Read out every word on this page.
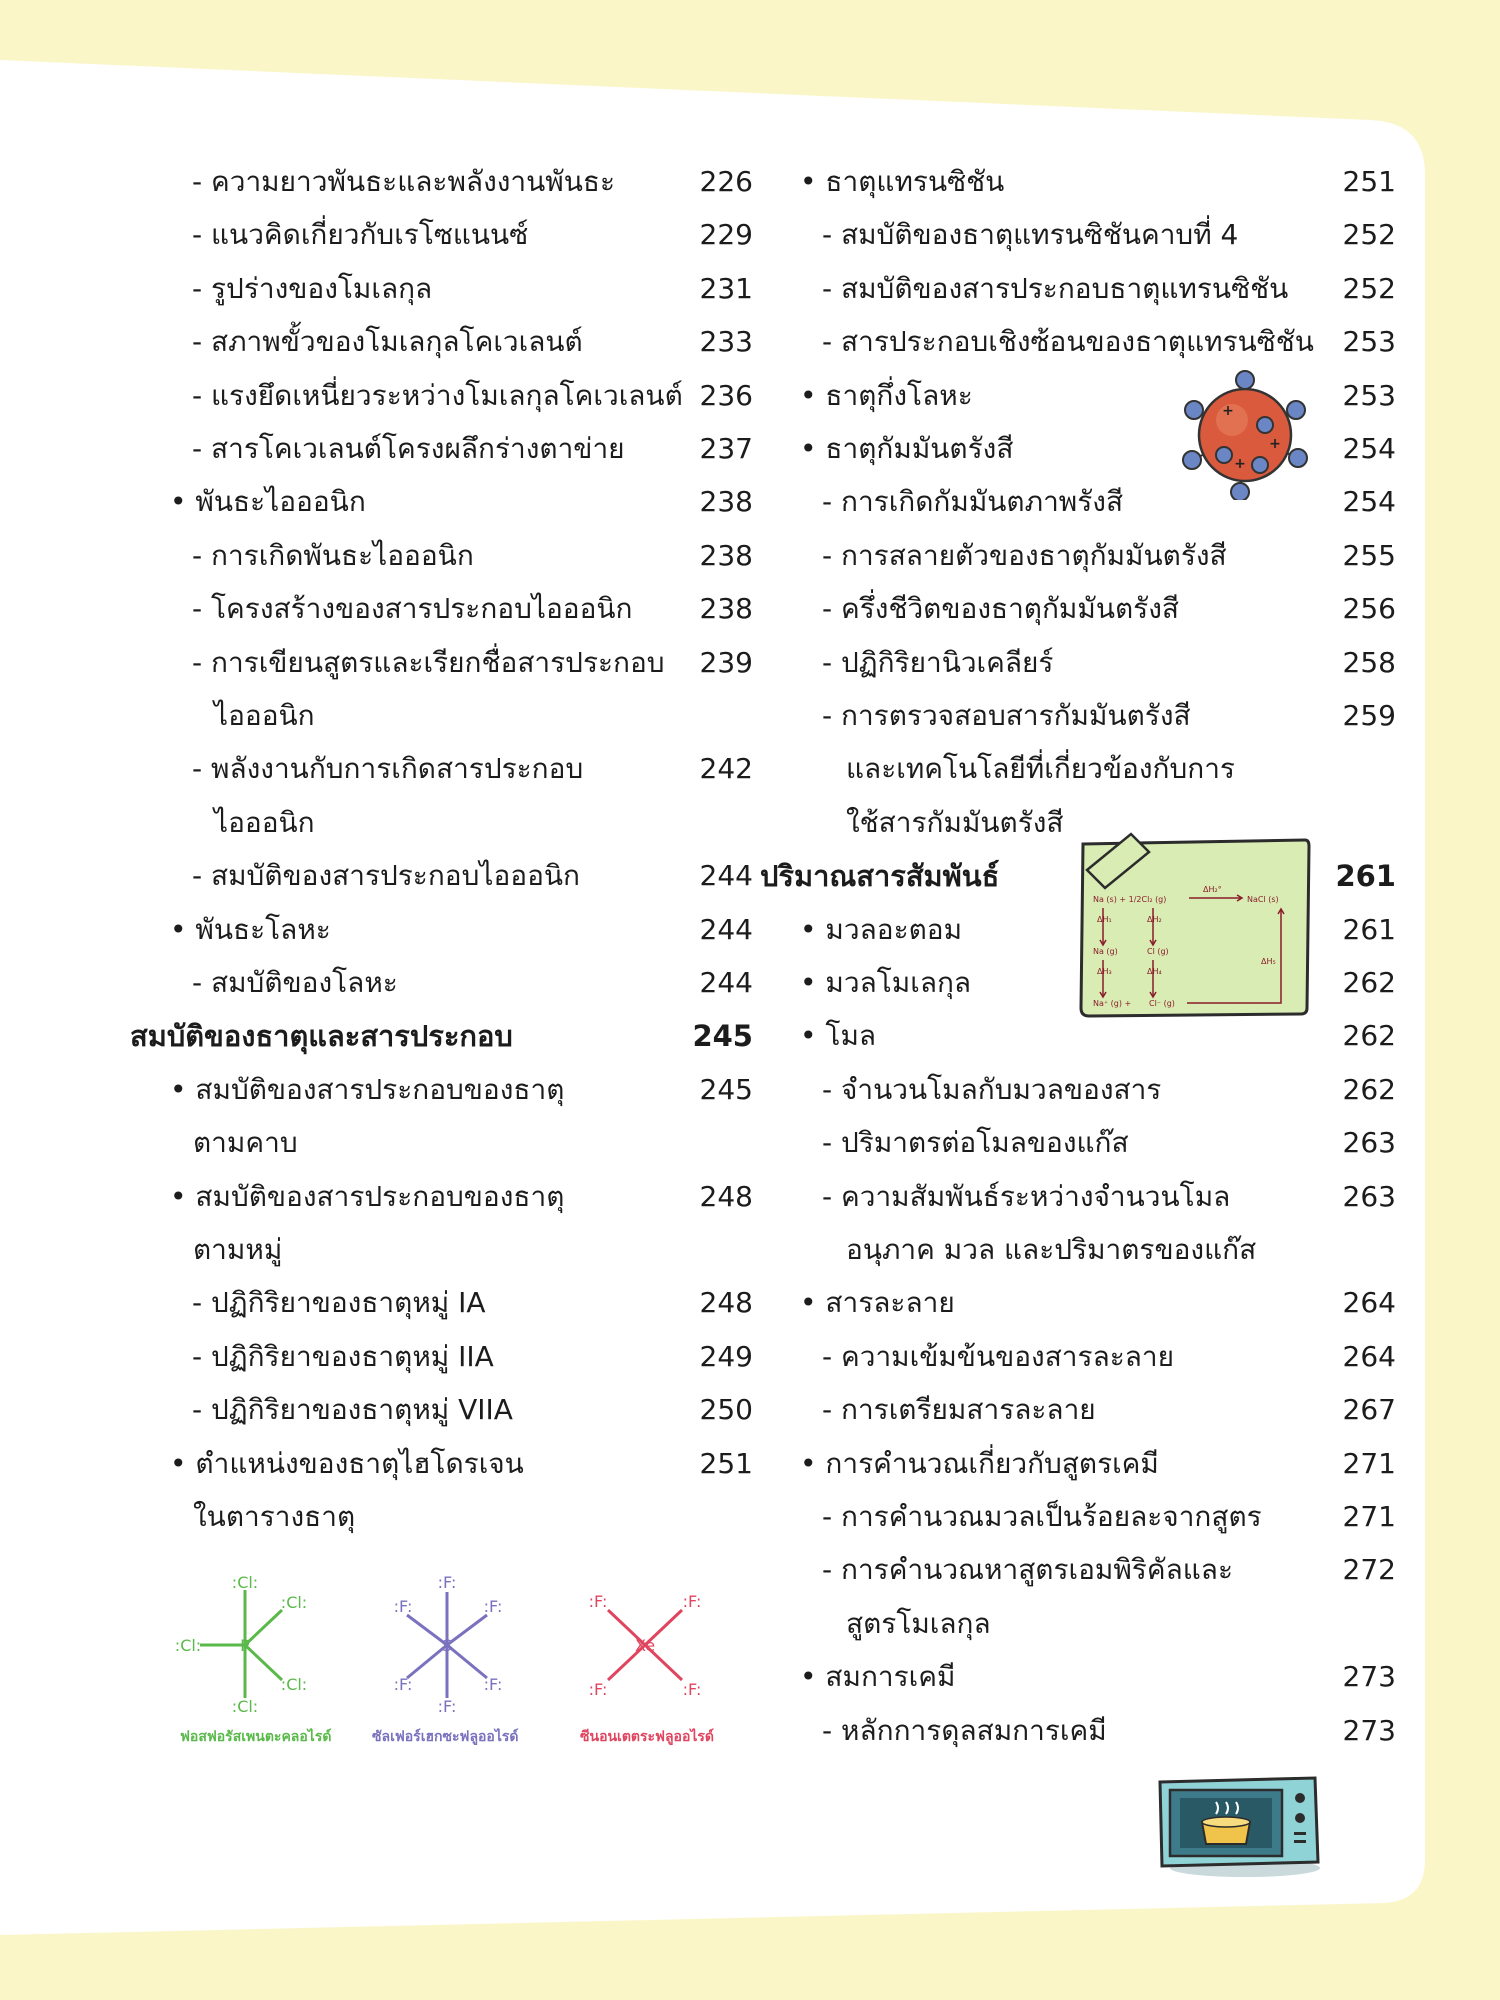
- ความยาวพันธะและพลังงานพันธะ	226
- แนวคิดเกี่ยวกับเรโซแนนซ์	229
- รูปร่างของโมเลกุล	231
- สภาพขั้วของโมเลกุลโคเวเลนต์	233
- แรงยึดเหนี่ยวระหว่างโมเลกุลโคเวเลนต์ 236
- สารโคเวเลนต์โครงผลึกร่างตาข่าย	237
• พันธะไอออนิก	238
- การเกิดพันธะไอออนิก	238
- โครงสร้างของสารประกอบไอออนิก	238
- การเขียนสูตรและเรียกชื่อสารประกอบ	239
ไอออนิก
- พลังงานกับการเกิดสารประกอบ	242
ไอออนิก
- สมบัติของสารประกอบไอออนิก	244
• พันธะโลหะ	244
- สมบัติของโลหะ	244
สมบัติของธาตุและสารประกอบ	245
• สมบัติของสารประกอบของธาตุ	245
ตามคาบ
• สมบัติของสารประกอบของธาตุ	248
ตามหมู่
- ปฏิกิริยาของธาตุหมู่ IA	248
- ปฏิกิริยาของธาตุหมู่ IIA	249
- ปฏิกิริยาของธาตุหมู่ VIIA	250
• ตำแหน่งของธาตุไฮโดรเจน	251
ในตารางธาตุ
• ธาตุแทรนซิชัน	251
- สมบัติของธาตุแทรนซิชันคาบที่ 4	252
- สมบัติของสารประกอบธาตุแทรนซิชัน	252
- สารประกอบเชิงซ้อนของธาตุแทรนซิชัน	253
• ธาตุกึ่งโลหะ	253
• ธาตุกัมมันตรังสี	254
- การเกิดกัมมันตภาพรังสี	254
- การสลายตัวของธาตุกัมมันตรังสี	255
- ครึ่งชีวิตของธาตุกัมมันตรังสี	256
- ปฏิกิริยานิวเคลียร์	258
- การตรวจสอบสารกัมมันตรังสี	259
และเทคโนโลยีที่เกี่ยวข้องกับการ
ใช้สารกัมมันตรังสี
ปริมาณสารสัมพันธ์	261
• มวลอะตอม	261
• มวลโมเลกุล	262
• โมล	262
- จำนวนโมลกับมวลของสาร	262
- ปริมาตรต่อโมลของแก๊ส	263
- ความสัมพันธ์ระหว่างจำนวนโมล	263
อนุภาค มวล และปริมาตรของแก๊ส
• สารละลาย	264
- ความเข้มข้นของสารละลาย	264
- การเตรียมสารละลาย	267
• การคำนวณเกี่ยวกับสูตรเคมี	271
- การคำนวณมวลเป็นร้อยละจากสูตร	271
- การคำนวณหาสูตรเอมพิริคัลและ	272
สูตรโมเลกุล
• สมการเคมี	273
- หลักการดุลสมการเคมี	273
+
+
+
Na (s) + 1/2Cl₂ (g)
ΔH₂°
NaCl (s)
ΔH₁	ΔH₂
Na (g)	Cl (g)
ΔH₃	ΔH₄
ΔH₅
Na⁺ (g) + Cl⁻ (g)
P
:Cl:
:Cl:
:Cl:
:Cl:
:Cl:
ฟอสฟอรัสเพนตะคลอไรด์
S
:F:
:F:
:F:	:F:
:F:	:F:
ซัลเฟอร์เฮกซะฟลูออไรด์
Xe
:F:	:F:
:F:	:F:
ซีนอนเตตระฟลูออไรด์
